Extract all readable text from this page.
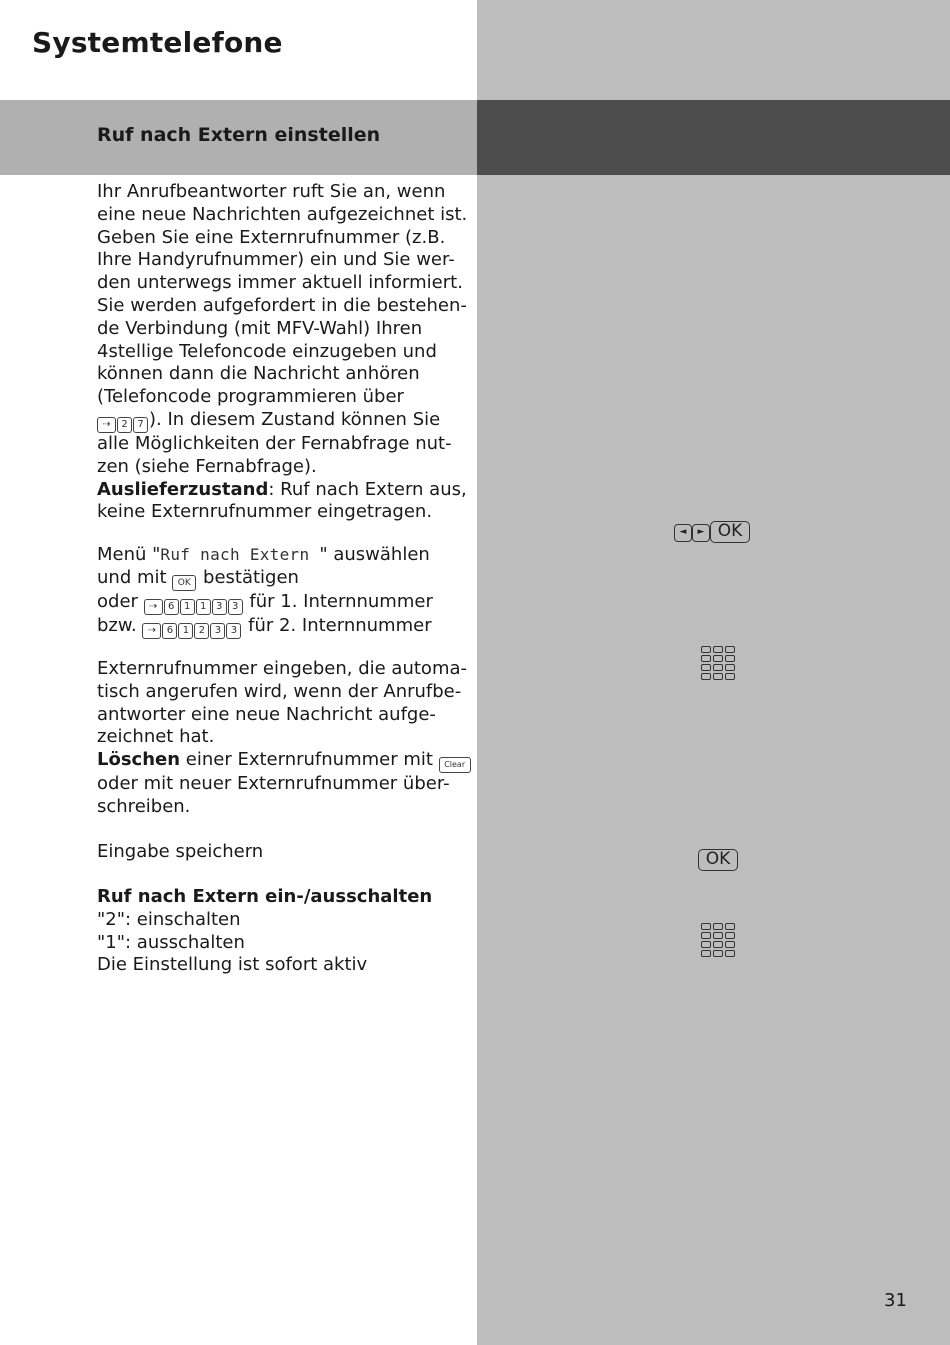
Systemtelefone
Ruf nach Extern einstellen

Ihr Anrufbeantworter ruft Sie an, wenn

eine neue Nachrichten aufgezeichnet ist.

Geben Sie eine Externrufnummer (z.B.

Ihre Handyrufnummer) ein und Sie wer-

den unterwegs immer aktuell informiert.

Sie werden aufgefordert in die bestehen-

de Verbindung (mit MFV-Wahl) Ihren

4stellige Telefoncode einzugeben und

können dann die Nachricht anhören

(Telefoncode programmieren über

⇢ 2 7 ). In diesem Zustand können Sie

alle Möglichkeiten der Fernabfrage nut-

zen (siehe Fernabfrage).

Auslieferzustand: Ruf nach Extern aus,

keine Externrufnummer eingetragen.

Menü "Ruf nach Extern " auswählen

und mit OK bestätigen

oder ⇢ 6 1 1 3 3 für 1. Internnummer

bzw. ⇢ 6 1 2 3 3 für 2. Internnummer

Externrufnummer eingeben, die automa-

tisch angerufen wird, wenn der Anrufbe-

antworter eine neue Nachricht aufge-

zeichnet hat.

Löschen einer Externrufnummer mit Clear

oder mit neuer Externrufnummer über-

schreiben.

Eingabe speichern

Ruf nach Extern ein-/ausschalten

"2": einschalten

"1": ausschalten

Die Einstellung ist sofort aktiv

◄ ► OK
OK
31
